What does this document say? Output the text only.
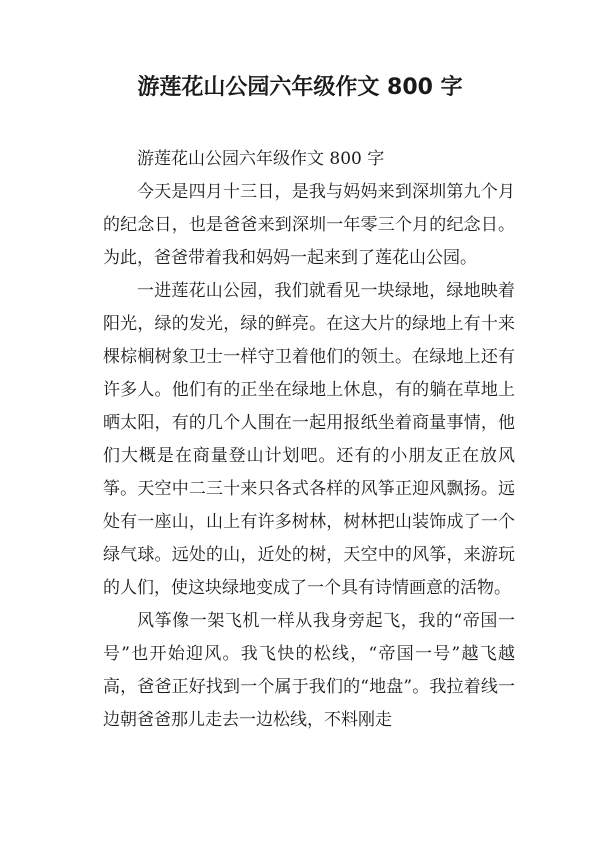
游莲花山公园六年级作文 800 字

游莲花山公园六年级作文 800 字

今天是四月十三日，是我与妈妈来到深圳第九个月的纪念日，也是爸爸来到深圳一年零三个月的纪念日。为此，爸爸带着我和妈妈一起来到了莲花山公园。

一进莲花山公园，我们就看见一块绿地，绿地映着阳光，绿的发光，绿的鲜亮。在这大片的绿地上有十来棵棕榈树象卫士一样守卫着他们的领土。在绿地上还有许多人。他们有的正坐在绿地上休息，有的躺在草地上晒太阳，有的几个人围在一起用报纸坐着商量事情，他们大概是在商量登山计划吧。还有的小朋友正在放风筝。天空中二三十来只各式各样的风筝正迎风飘扬。远处有一座山，山上有许多树林，树林把山装饰成了一个绿气球。远处的山，近处的树，天空中的风筝，来游玩的人们，使这块绿地变成了一个具有诗情画意的活物。

风筝像一架飞机一样从我身旁起飞，我的“帝国一号”也开始迎风。我飞快的松线，“帝国一号”越飞越高，爸爸正好找到一个属于我们的“地盘”。我拉着线一边朝爸爸那儿走去一边松线，不料刚走
